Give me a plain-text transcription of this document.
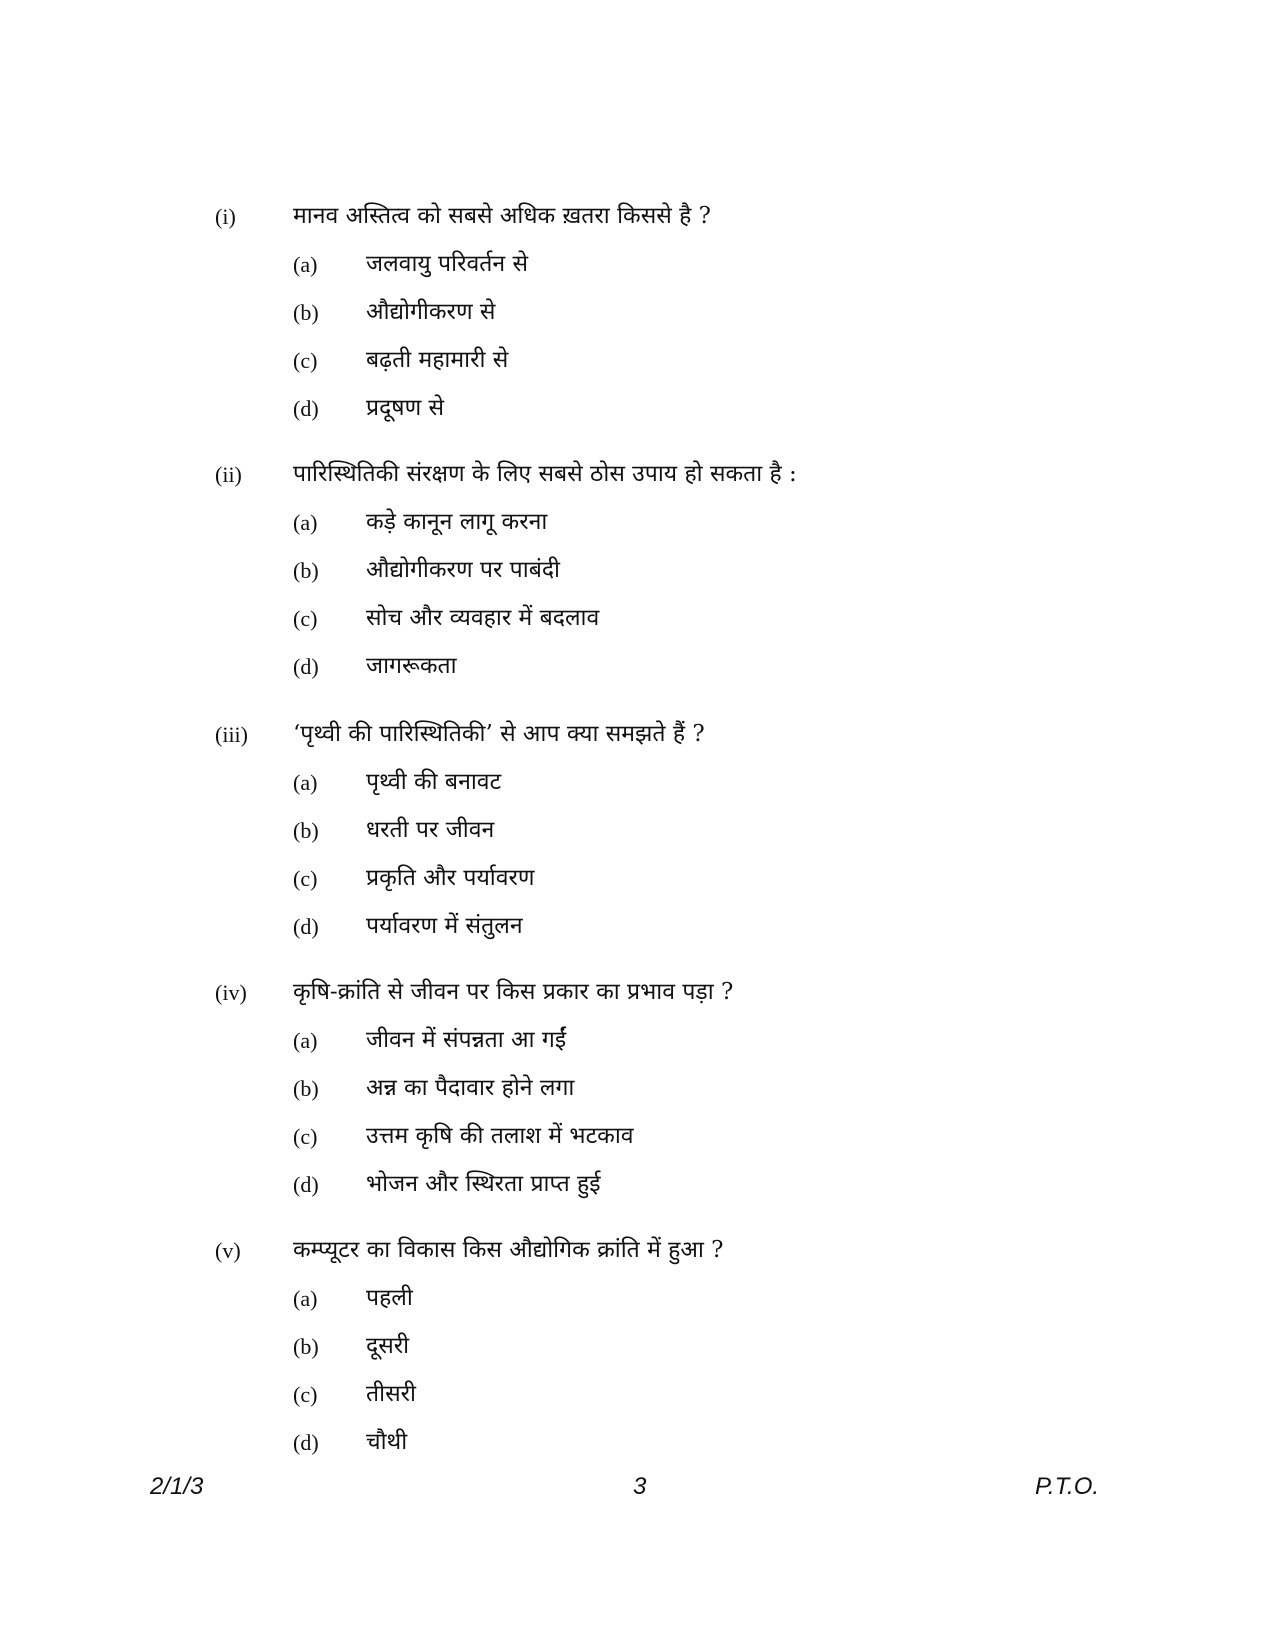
(i) मानव अस्तित्व को सबसे अधिक ख़तरा किससे है ?
(a) जलवायु परिवर्तन से
(b) औद्योगीकरण से
(c) बढ़ती महामारी से
(d) प्रदूषण से
(ii) पारिस्थितिकी संरक्षण के लिए सबसे ठोस उपाय हो सकता है :
(a) कड़े कानून लागू करना
(b) औद्योगीकरण पर पाबंदी
(c) सोच और व्यवहार में बदलाव
(d) जागरूकता
(iii) ‘पृथ्वी की पारिस्थितिकी’ से आप क्या समझते हैं ?
(a) पृथ्वी की बनावट
(b) धरती पर जीवन
(c) प्रकृति और पर्यावरण
(d) पर्यावरण में संतुलन
(iv) कृषि-क्रांति से जीवन पर किस प्रकार का प्रभाव पड़ा ?
(a) जीवन में संपन्नता आ गईं
(b) अन्न का पैदावार होने लगा
(c) उत्तम कृषि की तलाश में भटकाव
(d) भोजन और स्थिरता प्राप्त हुई
(v) कम्प्यूटर का विकास किस औद्योगिक क्रांति में हुआ ?
(a) पहली
(b) दूसरी
(c) तीसरी
(d) चौथी
2/1/3	3	P.T.O.
